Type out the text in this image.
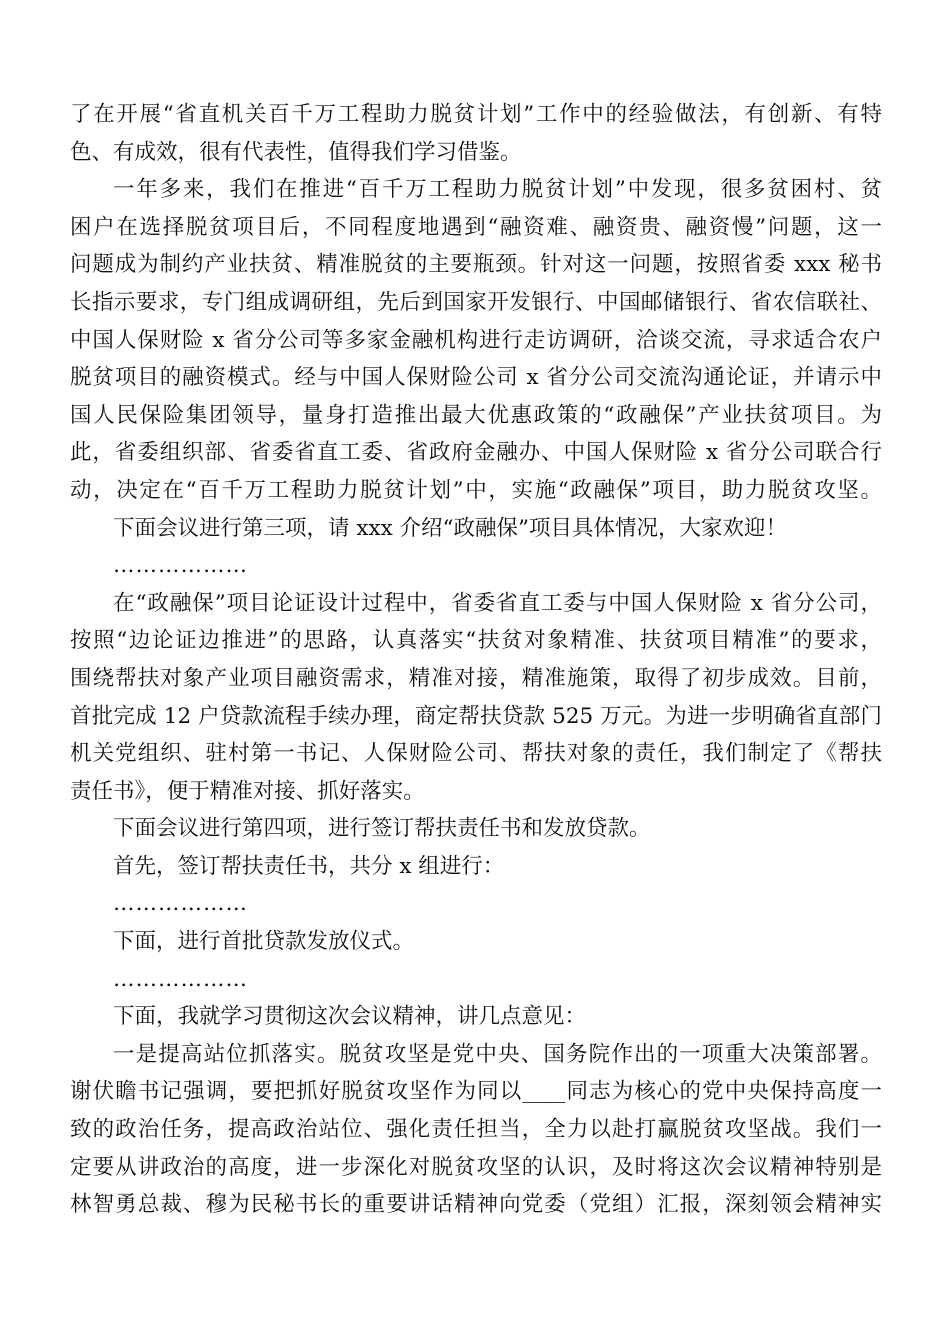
了在开展“省直机关百千万工程助力脱贫计划”工作中的经验做法，有创新、有特
色、有成效，很有代表性，值得我们学习借鉴。
一年多来，我们在推进“百千万工程助力脱贫计划”中发现，很多贫困村、贫
困户在选择脱贫项目后，不同程度地遇到“融资难、融资贵、融资慢”问题，这一
问题成为制约产业扶贫、精准脱贫的主要瓶颈。针对这一问题，按照省委 xxx 秘书
长指示要求，专门组成调研组，先后到国家开发银行、中国邮储银行、省农信联社、
中国人保财险 x 省分公司等多家金融机构进行走访调研，洽谈交流，寻求适合农户
脱贫项目的融资模式。经与中国人保财险公司 x 省分公司交流沟通论证，并请示中
国人民保险集团领导，量身打造推出最大优惠政策的“政融保”产业扶贫项目。为
此，省委组织部、省委省直工委、省政府金融办、中国人保财险 x 省分公司联合行
动，决定在“百千万工程助力脱贫计划”中，实施“政融保”项目，助力脱贫攻坚。
下面会议进行第三项，请 xxx 介绍“政融保”项目具体情况，大家欢迎！
………………
在“政融保”项目论证设计过程中，省委省直工委与中国人保财险 x 省分公司，
按照“边论证边推进”的思路，认真落实“扶贫对象精准、扶贫项目精准”的要求，
围绕帮扶对象产业项目融资需求，精准对接，精准施策，取得了初步成效。目前，
首批完成 12 户贷款流程手续办理，商定帮扶贷款 525 万元。为进一步明确省直部门
机关党组织、驻村第一书记、人保财险公司、帮扶对象的责任，我们制定了《帮扶
责任书》，便于精准对接、抓好落实。
下面会议进行第四项，进行签订帮扶责任书和发放贷款。
首先，签订帮扶责任书，共分 x 组进行：
………………
下面，进行首批贷款发放仪式。
………………
下面，我就学习贯彻这次会议精神，讲几点意见：
一是提高站位抓落实。脱贫攻坚是党中央、国务院作出的一项重大决策部署。
谢伏瞻书记强调，要把抓好脱贫攻坚作为同以____同志为核心的党中央保持高度一
致的政治任务，提高政治站位、强化责任担当，全力以赴打赢脱贫攻坚战。我们一
定要从讲政治的高度，进一步深化对脱贫攻坚的认识，及时将这次会议精神特别是
林智勇总裁、穆为民秘书长的重要讲话精神向党委（党组）汇报，深刻领会精神实
